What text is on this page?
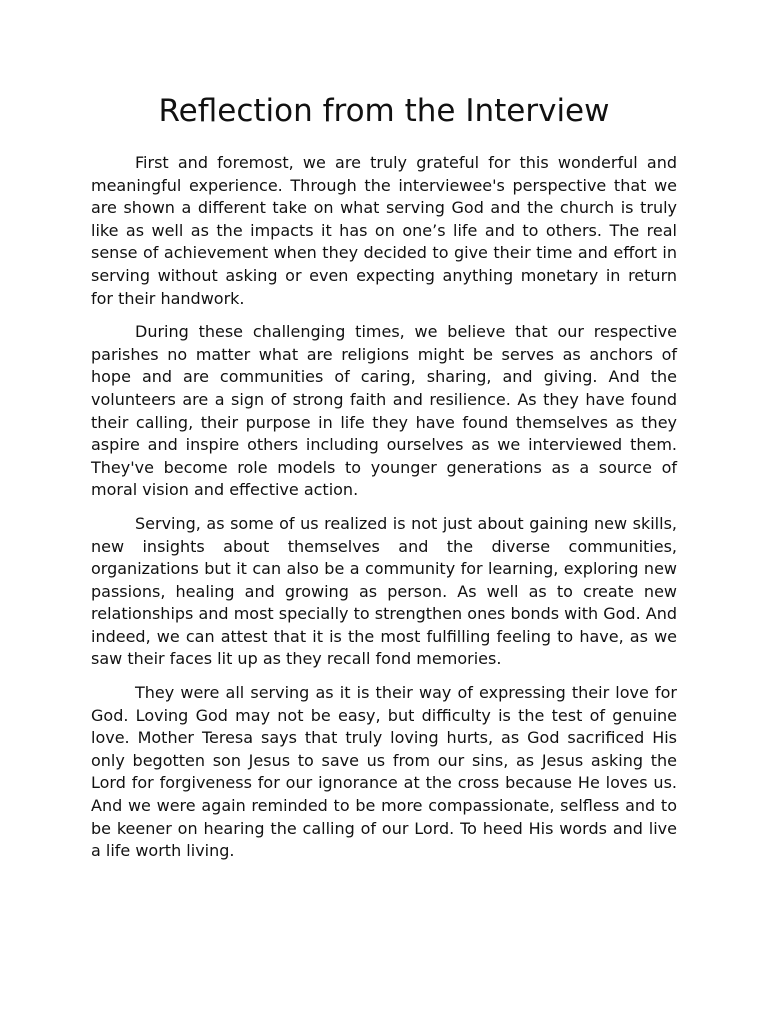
Reflection from the Interview

First and foremost, we are truly grateful for this wonderful and meaningful experience. Through the interviewee's perspective that we are shown a different take on what serving God and the church is truly like as well as the impacts it has on one’s life and to others. The real sense of achievement when they decided to give their time and effort in serving without asking or even expecting anything monetary in return for their handwork.

During these challenging times, we believe that our respective parishes no matter what are religions might be serves as anchors of hope and are communities of caring, sharing, and giving. And the volunteers are a sign of strong faith and resilience. As they have found their calling, their purpose in life they have found themselves as they aspire and inspire others including ourselves as we interviewed them. They've become role models to younger generations as a source of moral vision and effective action.

Serving, as some of us realized is not just about gaining new skills, new insights about themselves and the diverse communities, organizations but it can also be a community for learning, exploring new passions, healing and growing as person. As well as to create new relationships and most specially to strengthen ones bonds with God. And indeed, we can attest that it is the most fulfilling feeling to have, as we saw their faces lit up as they recall fond memories.

They were all serving as it is their way of expressing their love for God. Loving God may not be easy, but difficulty is the test of genuine love. Mother Teresa says that truly loving hurts, as God sacrificed His only begotten son Jesus to save us from our sins, as Jesus asking the Lord for forgiveness for our ignorance at the cross because He loves us. And we were again reminded to be more compassionate, selfless and to be keener on hearing the calling of our Lord. To heed His words and live a life worth living.
